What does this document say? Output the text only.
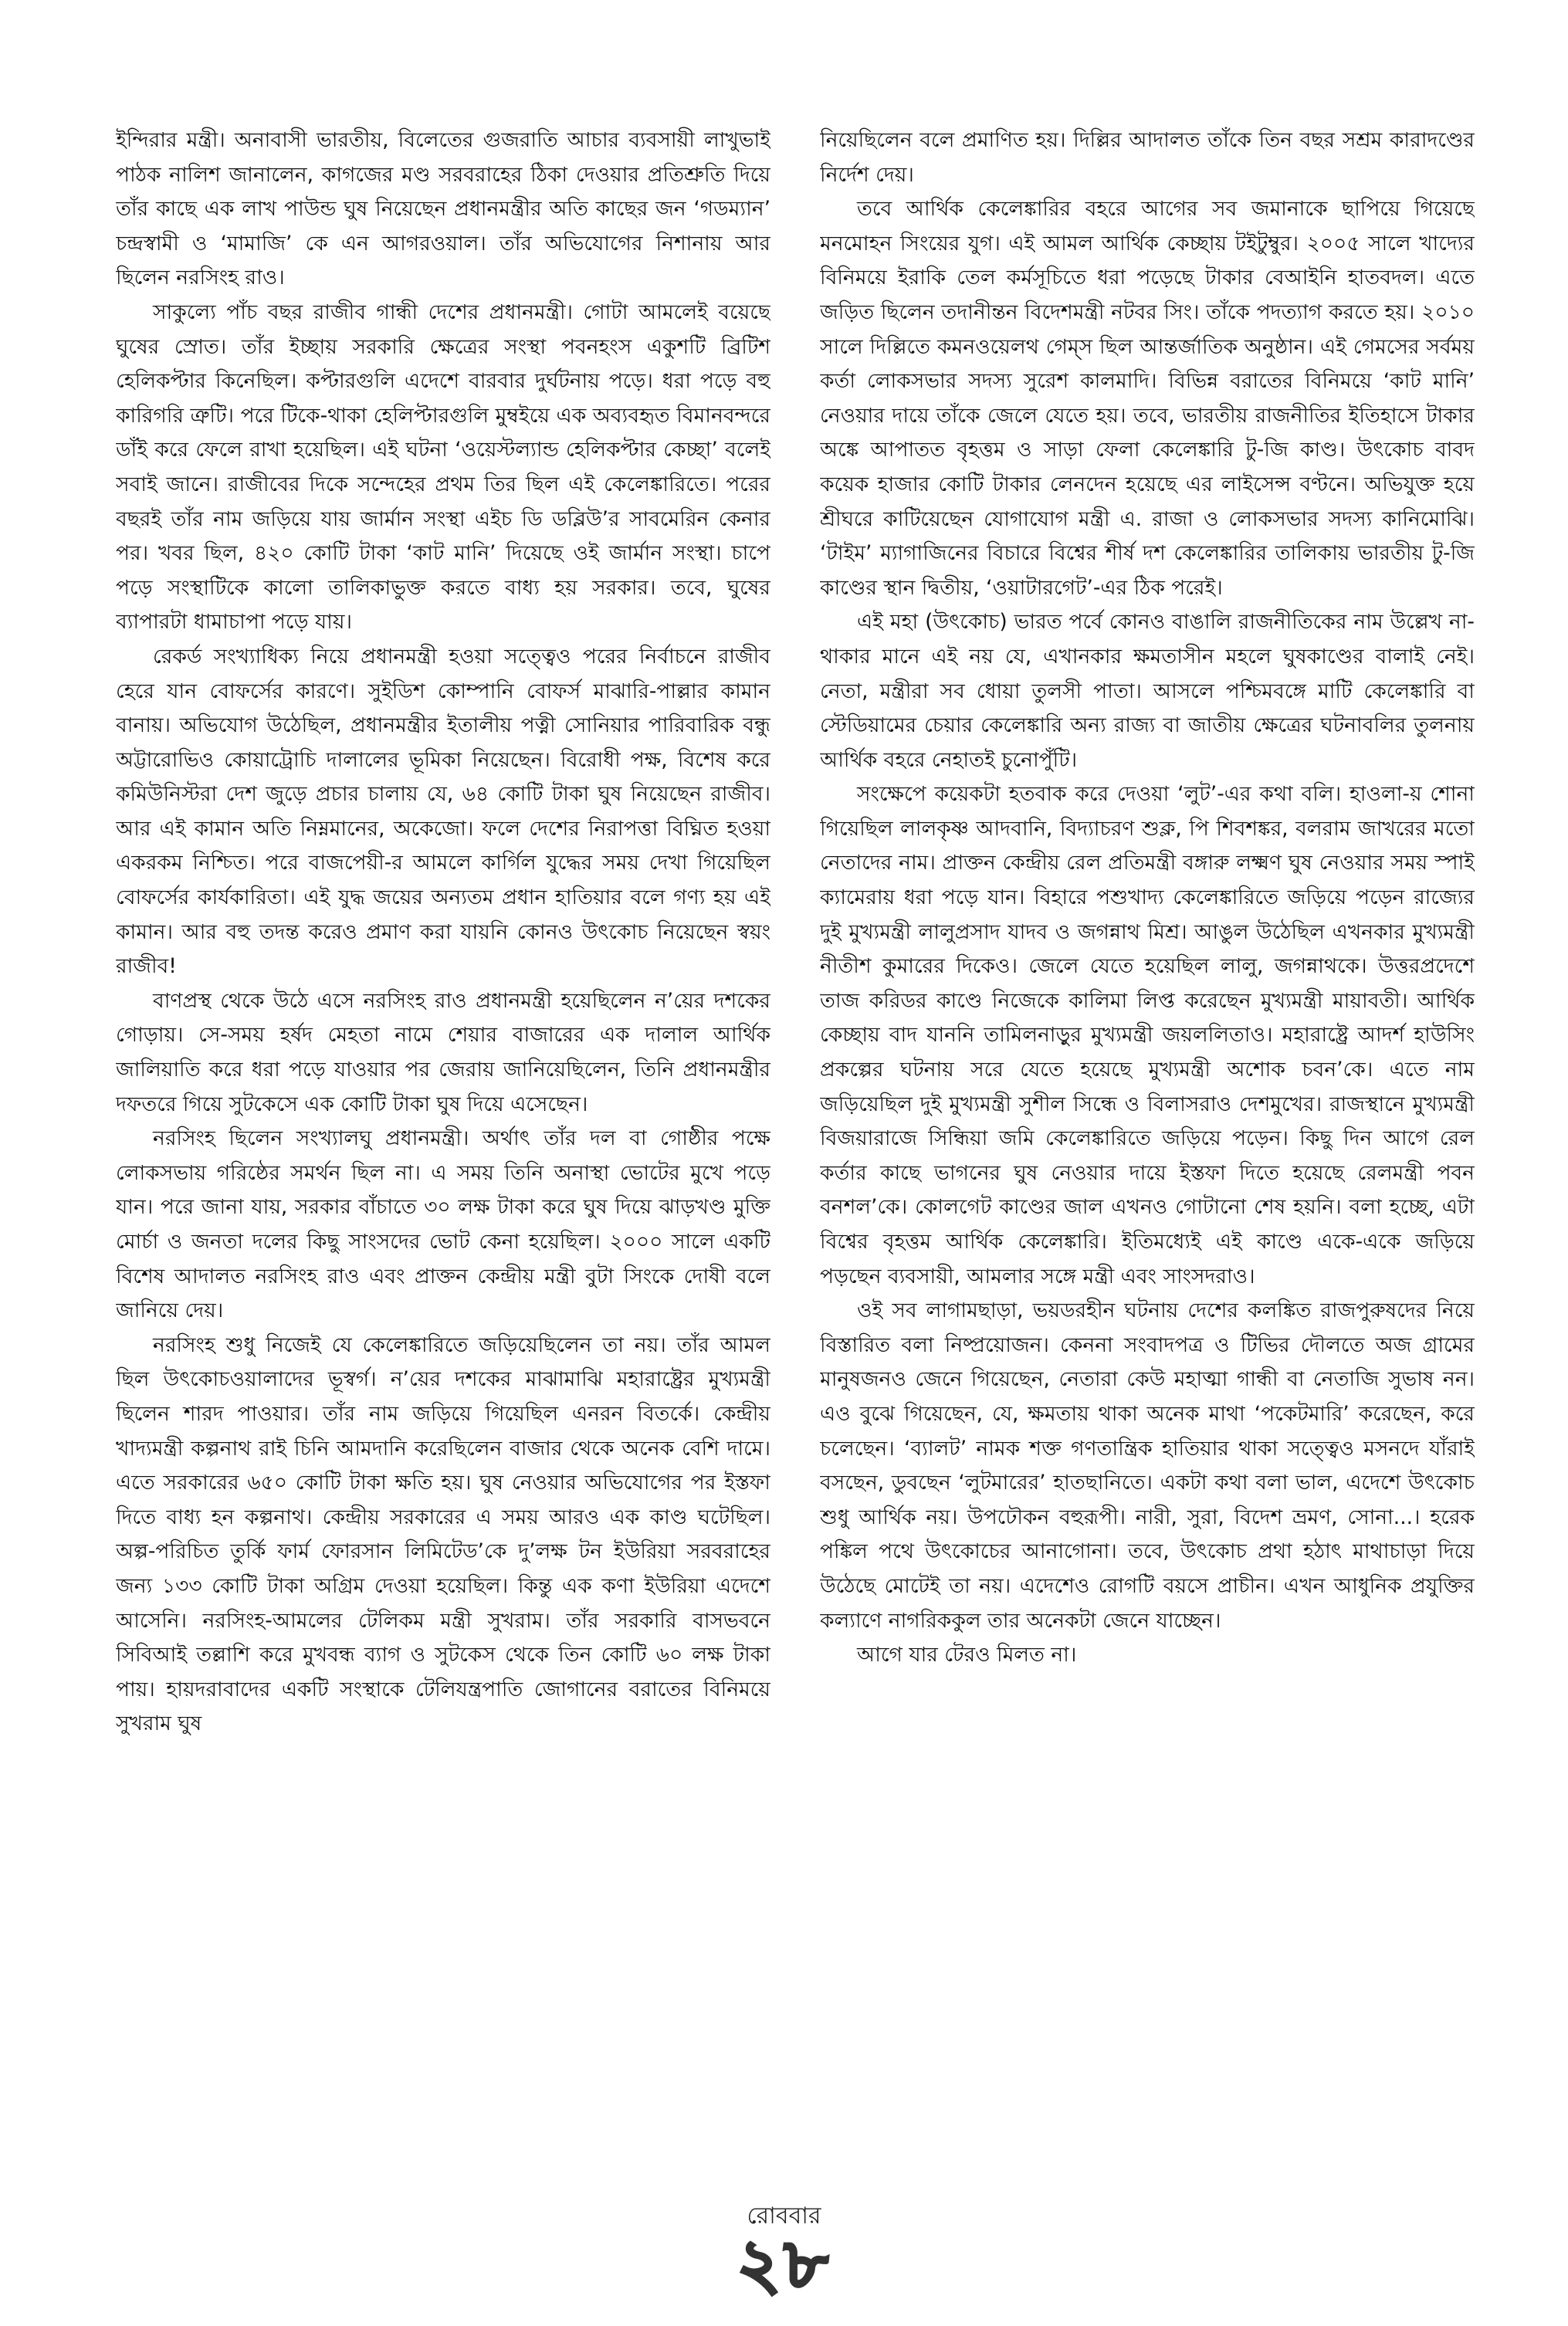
ইন্দিরার মন্ত্রী। অনাবাসী ভারতীয়, বিলেতের গুজরাতি আচার ব্যবসায়ী লাখুভাই পাঠক নালিশ জানালেন, কাগজের মণ্ড সরবরাহের ঠিকা দেওয়ার প্রতিশ্রুতি দিয়ে তাঁর কাছে এক লাখ পাউন্ড ঘুষ নিয়েছেন প্রধানমন্ত্রীর অতি কাছের জন ‘গডম্যান’ চন্দ্রস্বামী ও ‘মামাজি’ কে এন আগরওয়াল। তাঁর অভিযোগের নিশানায় আর ছিলেন নরসিংহ রাও।

সাকুল্যে পাঁচ বছর রাজীব গান্ধী দেশের প্রধানমন্ত্রী। গোটা আমলেই বয়েছে ঘুষের স্রোত। তাঁর ইচ্ছায় সরকারি ক্ষেত্রের সংস্থা পবনহংস একুশটি ব্রিটিশ হেলিকপ্টার কিনেছিল। কপ্টারগুলি এদেশে বারবার দুর্ঘটনায় পড়ে। ধরা পড়ে বহু কারিগরি ত্রুটি। পরে টিকে-থাকা হেলিপ্টারগুলি মুম্বইয়ে এক অব্যবহৃত বিমানবন্দরে ডাঁই করে ফেলে রাখা হয়েছিল। এই ঘটনা ‘ওয়েস্টল্যান্ড হেলিকপ্টার কেচ্ছা’ বলেই সবাই জানে। রাজীবের দিকে সন্দেহের প্রথম তির ছিল এই কেলেঙ্কারিতে। পরের বছরই তাঁর নাম জড়িয়ে যায় জার্মান সংস্থা এইচ ডি ডব্লিউ’র সাবমেরিন কেনার পর। খবর ছিল, ৪২০ কোটি টাকা ‘কাট মানি’ দিয়েছে ওই জার্মান সংস্থা। চাপে পড়ে সংস্থাটিকে কালো তালিকাভুক্ত করতে বাধ্য হয় সরকার। তবে, ঘুষের ব্যাপারটা ধামাচাপা পড়ে যায়।

রেকর্ড সংখ্যাধিক্য নিয়ে প্রধানমন্ত্রী হওয়া সত্ত্বেও পরের নির্বাচনে রাজীব হেরে যান বোফর্সের কারণে। সুইডিশ কোম্পানি বোফর্স মাঝারি-পাল্লার কামান বানায়। অভিযোগ উঠেছিল, প্রধানমন্ত্রীর ইতালীয় পত্নী সোনিয়ার পারিবারিক বন্ধু অট্টারোভিও কোয়াট্রোচি দালালের ভূমিকা নিয়েছেন। বিরোধী পক্ষ, বিশেষ করে কমিউনিস্টরা দেশ জুড়ে প্রচার চালায় যে, ৬৪ কোটি টাকা ঘুষ নিয়েছেন রাজীব। আর এই কামান অতি নিম্নমানের, অকেজো। ফলে দেশের নিরাপত্তা বিঘ্নিত হওয়া একরকম নিশ্চিত। পরে বাজপেয়ী-র আমলে কার্গিল যুদ্ধের সময় দেখা গিয়েছিল বোফর্সের কার্যকারিতা। এই যুদ্ধ জয়ের অন্যতম প্রধান হাতিয়ার বলে গণ্য হয় এই কামান। আর বহু তদন্ত করেও প্রমাণ করা যায়নি কোনও উৎকোচ নিয়েছেন স্বয়ং রাজীব!

বাণপ্রস্থ থেকে উঠে এসে নরসিংহ রাও প্রধানমন্ত্রী হয়েছিলেন ন’য়ের দশকের গোড়ায়। সে-সময় হর্ষদ মেহতা নামে শেয়ার বাজারের এক দালাল আর্থিক জালিয়াতি করে ধরা পড়ে যাওয়ার পর জেরায় জানিয়েছিলেন, তিনি প্রধানমন্ত্রীর দফতরে গিয়ে সুটকেসে এক কোটি টাকা ঘুষ দিয়ে এসেছেন।

নরসিংহ ছিলেন সংখ্যালঘু প্রধানমন্ত্রী। অর্থাৎ তাঁর দল বা গোষ্ঠীর পক্ষে লোকসভায় গরিষ্ঠের সমর্থন ছিল না। এ সময় তিনি অনাস্থা ভোটের মুখে পড়ে যান। পরে জানা যায়, সরকার বাঁচাতে ৩০ লক্ষ টাকা করে ঘুষ দিয়ে ঝাড়খণ্ড মুক্তি মোর্চা ও জনতা দলের কিছু সাংসদের ভোট কেনা হয়েছিল। ২০০০ সালে একটি বিশেষ আদালত নরসিংহ রাও এবং প্রাক্তন কেন্দ্রীয় মন্ত্রী বুটা সিংকে দোষী বলে জানিয়ে দেয়।

নরসিংহ শুধু নিজেই যে কেলেঙ্কারিতে জড়িয়েছিলেন তা নয়। তাঁর আমল ছিল উৎকোচওয়ালাদের ভূস্বর্গ। ন’য়ের দশকের মাঝামাঝি মহারাষ্ট্রের মুখ্যমন্ত্রী ছিলেন শারদ পাওয়ার। তাঁর নাম জড়িয়ে গিয়েছিল এনরন বিতর্কে। কেন্দ্রীয় খাদ্যমন্ত্রী কল্পনাথ রাই চিনি আমদানি করেছিলেন বাজার থেকে অনেক বেশি দামে। এতে সরকারের ৬৫০ কোটি টাকা ক্ষতি হয়। ঘুষ নেওয়ার অভিযোগের পর ইস্তফা দিতে বাধ্য হন কল্পনাথ। কেন্দ্রীয় সরকারের এ সময় আরও এক কাণ্ড ঘটেছিল। অল্প-পরিচিত তুর্কি ফার্ম ফোরসান লিমিটেড’কে দু’লক্ষ টন ইউরিয়া সরবরাহের জন্য ১৩৩ কোটি টাকা অগ্রিম দেওয়া হয়েছিল। কিন্তু এক কণা ইউরিয়া এদেশে আসেনি। নরসিংহ-আমলের টেলিকম মন্ত্রী সুখরাম। তাঁর সরকারি বাসভবনে সিবিআই তল্লাশি করে মুখবন্ধ ব্যাগ ও সুটকেস থেকে তিন কোটি ৬০ লক্ষ টাকা পায়। হায়দরাবাদের একটি সংস্থাকে টেলিযন্ত্রপাতি জোগানের বরাতের বিনিময়ে সুখরাম ঘুষ

নিয়েছিলেন বলে প্রমাণিত হয়। দিল্লির আদালত তাঁকে তিন বছর সশ্রম কারাদণ্ডের নির্দেশ দেয়।

তবে আর্থিক কেলেঙ্কারির বহরে আগের সব জমানাকে ছাপিয়ে গিয়েছে মনমোহন সিংয়ের যুগ। এই আমল আর্থিক কেচ্ছায় টইটুম্বুর। ২০০৫ সালে খাদ্যের বিনিময়ে ইরাকি তেল কর্মসূচিতে ধরা পড়েছে টাকার বেআইনি হাতবদল। এতে জড়িত ছিলেন তদানীন্তন বিদেশমন্ত্রী নটবর সিং। তাঁকে পদত্যাগ করতে হয়। ২০১০ সালে দিল্লিতে কমনওয়েলথ গেম্‌স ছিল আন্তর্জাতিক অনুষ্ঠান। এই গেমসের সর্বময় কর্তা লোকসভার সদস্য সুরেশ কালমাদি। বিভিন্ন বরাতের বিনিময়ে ‘কাট মানি’ নেওয়ার দায়ে তাঁকে জেলে যেতে হয়। তবে, ভারতীয় রাজনীতির ইতিহাসে টাকার অঙ্কে আপাতত বৃহত্তম ও সাড়া ফেলা কেলেঙ্কারি টু-জি কাণ্ড। উৎকোচ বাবদ কয়েক হাজার কোটি টাকার লেনদেন হয়েছে এর লাইসেন্স বণ্টনে। অভিযুক্ত হয়ে শ্রীঘরে কাটিয়েছেন যোগাযোগ মন্ত্রী এ. রাজা ও লোকসভার সদস্য কানিমোঝি। ‘টাইম’ ম্যাগাজিনের বিচারে বিশ্বের শীর্ষ দশ কেলেঙ্কারির তালিকায় ভারতীয় টু-জি কাণ্ডের স্থান দ্বিতীয়, ‘ওয়াটারগেট’-এর ঠিক পরেই।

এই মহা (উৎকোচ) ভারত পর্বে কোনও বাঙালি রাজনীতিকের নাম উল্লেখ না-থাকার মানে এই নয় যে, এখানকার ক্ষমতাসীন মহলে ঘুষকাণ্ডের বালাই নেই। নেতা, মন্ত্রীরা সব ধোয়া তুলসী পাতা। আসলে পশ্চিমবঙ্গে মাটি কেলেঙ্কারি বা স্টেডিয়ামের চেয়ার কেলেঙ্কারি অন্য রাজ্য বা জাতীয় ক্ষেত্রের ঘটনাবলির তুলনায় আর্থিক বহরে নেহাতই চুনোপুঁটি।

সংক্ষেপে কয়েকটা হতবাক করে দেওয়া ‘লুট’-এর কথা বলি। হাওলা-য় শোনা গিয়েছিল লালকৃষ্ণ আদবানি, বিদ্যাচরণ শুক্ল, পি শিবশঙ্কর, বলরাম জাখরের মতো নেতাদের নাম। প্রাক্তন কেন্দ্রীয় রেল প্রতিমন্ত্রী বঙ্গারু লক্ষ্মণ ঘুষ নেওয়ার সময় স্পাই ক্যামেরায় ধরা পড়ে যান। বিহারে পশুখাদ্য কেলেঙ্কারিতে জড়িয়ে পড়েন রাজ্যের দুই মুখ্যমন্ত্রী লালুপ্রসাদ যাদব ও জগন্নাথ মিশ্র। আঙুল উঠেছিল এখনকার মুখ্যমন্ত্রী নীতীশ কুমারের দিকেও। জেলে যেতে হয়েছিল লালু, জগন্নাথকে। উত্তরপ্রদেশে তাজ করিডর কাণ্ডে নিজেকে কালিমা লিপ্ত করেছেন মুখ্যমন্ত্রী মায়াবতী। আর্থিক কেচ্ছায় বাদ যাননি তামিলনাড়ুর মুখ্যমন্ত্রী জয়ললিতাও। মহারাষ্ট্রে আদর্শ হাউসিং প্রকল্পের ঘটনায় সরে যেতে হয়েছে মুখ্যমন্ত্রী অশোক চবন’কে। এতে নাম জড়িয়েছিল দুই মুখ্যমন্ত্রী সুশীল সিন্ধে ও বিলাসরাও দেশমুখের। রাজস্থানে মুখ্যমন্ত্রী বিজয়ারাজে সিন্ধিয়া জমি কেলেঙ্কারিতে জড়িয়ে পড়েন। কিছু দিন আগে রেল কর্তার কাছে ভাগনের ঘুষ নেওয়ার দায়ে ইস্তফা দিতে হয়েছে রেলমন্ত্রী পবন বনশল’কে। কোলগেট কাণ্ডের জাল এখনও গোটানো শেষ হয়নি। বলা হচ্ছে, এটা বিশ্বের বৃহত্তম আর্থিক কেলেঙ্কারি। ইতিমধ্যেই এই কাণ্ডে একে-একে জড়িয়ে পড়ছেন ব্যবসায়ী, আমলার সঙ্গে মন্ত্রী এবং সাংসদরাও।

ওই সব লাগামছাড়া, ভয়ডরহীন ঘটনায় দেশের কলঙ্কিত রাজপুরুষদের নিয়ে বিস্তারিত বলা নিষ্প্রয়োজন। কেননা সংবাদপত্র ও টিভির দৌলতে অজ গ্রামের মানুষজনও জেনে গিয়েছেন, নেতারা কেউ মহাত্মা গান্ধী বা নেতাজি সুভাষ নন। এও বুঝে গিয়েছেন, যে, ক্ষমতায় থাকা অনেক মাথা ‘পকেটমারি’ করেছেন, করে চলেছেন। ‘ব্যালট’ নামক শক্ত গণতান্ত্রিক হাতিয়ার থাকা সত্ত্বেও মসনদে যাঁরাই বসছেন, ডুবছেন ‘লুটমারের’ হাতছানিতে। একটা কথা বলা ভাল, এদেশে উৎকোচ শুধু আর্থিক নয়। উপঢৌকন বহুরূপী। নারী, সুরা, বিদেশ ভ্রমণ, সোনা...। হরেক পঙ্কিল পথে উৎকোচের আনাগোনা। তবে, উৎকোচ প্রথা হঠাৎ মাথাচাড়া দিয়ে উঠেছে মোটেই তা নয়। এদেশেও রোগটি বয়সে প্রাচীন। এখন আধুনিক প্রযুক্তির কল্যাণে নাগরিককুল তার অনেকটা জেনে যাচ্ছেন।

আগে যার টেরও মিলত না।

রোববার
২৮
